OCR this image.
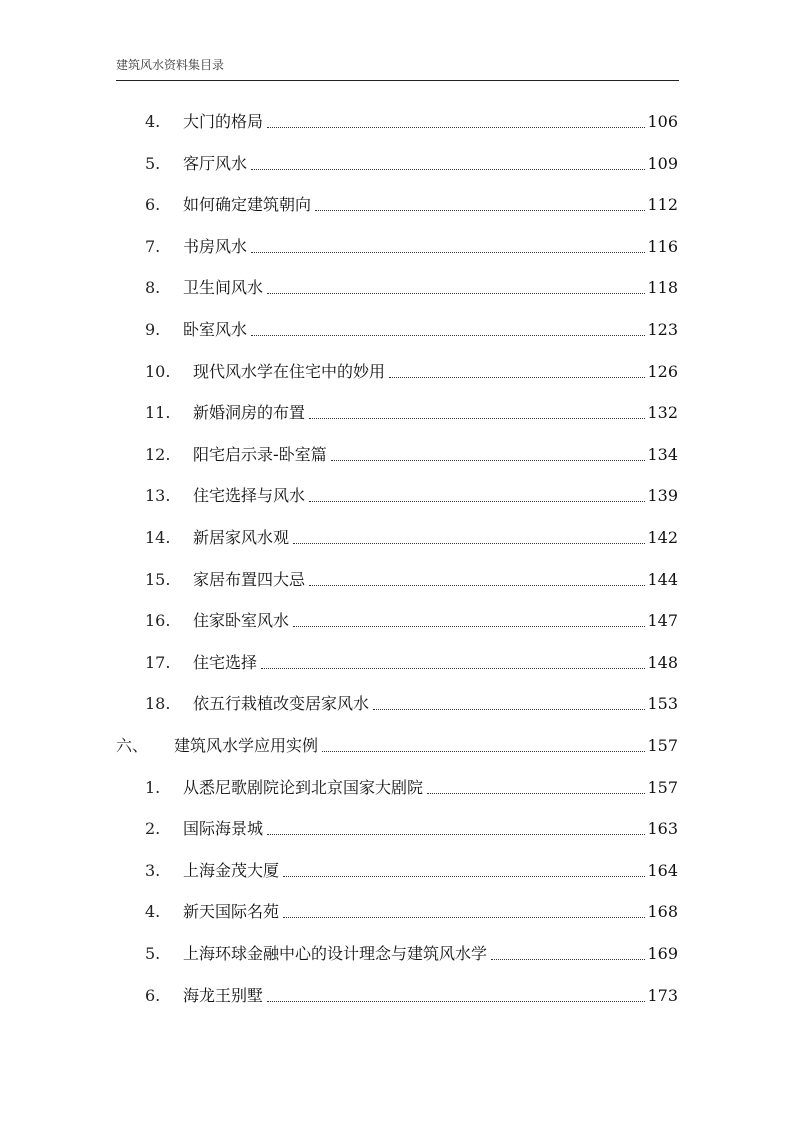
建筑风水资料集目录
4.	大门的格局	106
5.	客厅风水	109
6.	如何确定建筑朝向	112
7.	书房风水	116
8.	卫生间风水	118
9.	卧室风水	123
10.	现代风水学在住宅中的妙用	126
11.	新婚洞房的布置	132
12.	阳宅启示录-卧室篇	134
13.	住宅选择与风水	139
14.	新居家风水观	142
15.	家居布置四大忌	144
16.	住家卧室风水	147
17.	住宅选择	148
18.	依五行栽植改变居家风水	153
六、	建筑风水学应用实例	157
1.	从悉尼歌剧院论到北京国家大剧院	157
2.	国际海景城	163
3.	上海金茂大厦	164
4.	新天国际名苑	168
5.	上海环球金融中心的设计理念与建筑风水学	169
6.	海龙王别墅	173
